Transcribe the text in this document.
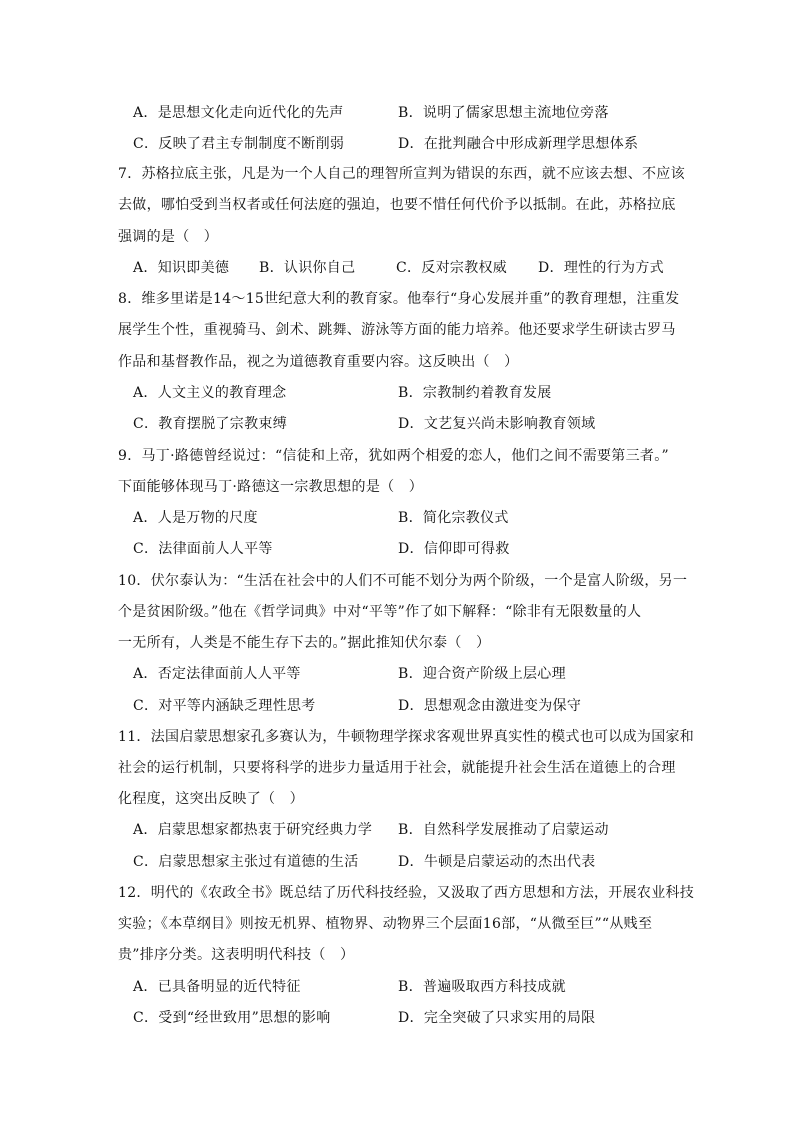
A．是思想文化走向近代化的先声	B．说明了儒家思想主流地位旁落
C．反映了君主专制制度不断削弱	D．在批判融合中形成新理学思想体系
7．苏格拉底主张，凡是为一个人自己的理智所宣判为错误的东西，就不应该去想、不应该
去做，哪怕受到当权者或任何法庭的强迫，也要不惜任何代价予以抵制。在此，苏格拉底
强调的是（　）
A．知识即美德 B．认识你自己	C．反对宗教权威 D．理性的行为方式
8．维多里诺是14～15世纪意大利的教育家。他奉行“身心发展并重”的教育理想，注重发
展学生个性，重视骑马、剑术、跳舞、游泳等方面的能力培养。他还要求学生研读古罗马
作品和基督教作品，视之为道德教育重要内容。这反映出（　）
A．人文主义的教育理念	B．宗教制约着教育发展
C．教育摆脱了宗教束缚	D．文艺复兴尚未影响教育领域
9．马丁·路德曾经说过：“信徒和上帝，犹如两个相爱的恋人，他们之间不需要第三者。”
下面能够体现马丁·路德这一宗教思想的是（　）
A．人是万物的尺度	B．简化宗教仪式
C．法律面前人人平等	D．信仰即可得救
10．伏尔泰认为：“生活在社会中的人们不可能不划分为两个阶级，一个是富人阶级，另一
个是贫困阶级。”他在《哲学词典》中对“平等”作了如下解释：“除非有无限数量的人
一无所有，人类是不能生存下去的。”据此推知伏尔泰（　）
A．否定法律面前人人平等	B．迎合资产阶级上层心理
C．对平等内涵缺乏理性思考	D．思想观念由激进变为保守
11．法国启蒙思想家孔多赛认为，牛顿物理学探求客观世界真实性的模式也可以成为国家和
社会的运行机制，只要将科学的进步力量适用于社会，就能提升社会生活在道德上的合理
化程度，这突出反映了（　）
A．启蒙思想家都热衷于研究经典力学 B．自然科学发展推动了启蒙运动
C．启蒙思想家主张过有道德的生活	D．牛顿是启蒙运动的杰出代表
12．明代的《农政全书》既总结了历代科技经验，又汲取了西方思想和方法，开展农业科技
实验；《本草纲目》则按无机界、植物界、动物界三个层面16部，“从微至巨”“从贱至
贵”排序分类。这表明明代科技（　）
A．已具备明显的近代特征	B．普遍吸取西方科技成就
C．受到“经世致用”思想的影响	D．完全突破了只求实用的局限
